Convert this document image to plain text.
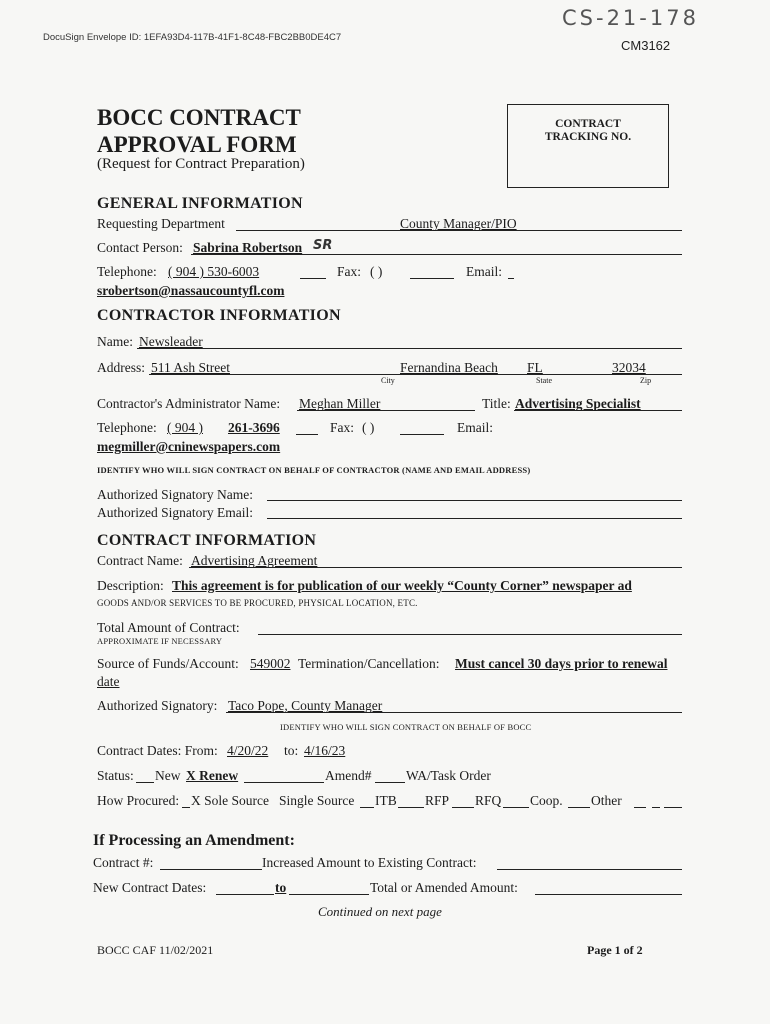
DocuSign Envelope ID: 1EFA93D4-117B-41F1-8C48-FBC2BB0DE4C7
CS-21-178
CM3162
BOCC CONTRACT
APPROVAL FORM
(Request for Contract Preparation)
CONTRACT
TRACKING NO.
GENERAL INFORMATION
Requesting Department	County Manager/PIO
Contact Person: Sabrina Robertson SR
Telephone: ( 904 ) 530-6003	Fax: ( )	Email:
srobertson@nassaucountyfl.com
CONTRACTOR INFORMATION
Name: Newsleader
Address: 511 Ash Street	Fernandina Beach FL	32034
City	State	Zip
Contractor's Administrator Name: Meghan Miller	Title: Advertising Specialist
Telephone: ( 904 ) 261-3696	Fax: ( )	Email:
megmiller@cninewspapers.com
IDENTIFY WHO WILL SIGN CONTRACT ON BEHALF OF CONTRACTOR (NAME AND EMAIL ADDRESS)
Authorized Signatory Name:
Authorized Signatory Email:
CONTRACT INFORMATION
Contract Name: Advertising Agreement
Description: This agreement is for publication of our weekly “County Corner” newspaper ad
GOODS AND/OR SERVICES TO BE PROCURED, PHYSICAL LOCATION, ETC.
Total Amount of Contract:
APPROXIMATE IF NECESSARY
Source of Funds/Account: 549002 Termination/Cancellation: Must cancel 30 days prior to renewal
date
Authorized Signatory: Taco Pope, County Manager
IDENTIFY WHO WILL SIGN CONTRACT ON BEHALF OF BOCC
Contract Dates: From: 4/20/22 to: 4/16/23
Status: New X Renew	Amend#	WA/Task Order
How Procured: X Sole Source Single Source ITB RFP RFQ Coop. Other
If Processing an Amendment:
Contract #:	Increased Amount to Existing Contract:
New Contract Dates:	to	Total or Amended Amount:
Continued on next page
BOCC CAF 11/02/2021	Page 1 of 2
